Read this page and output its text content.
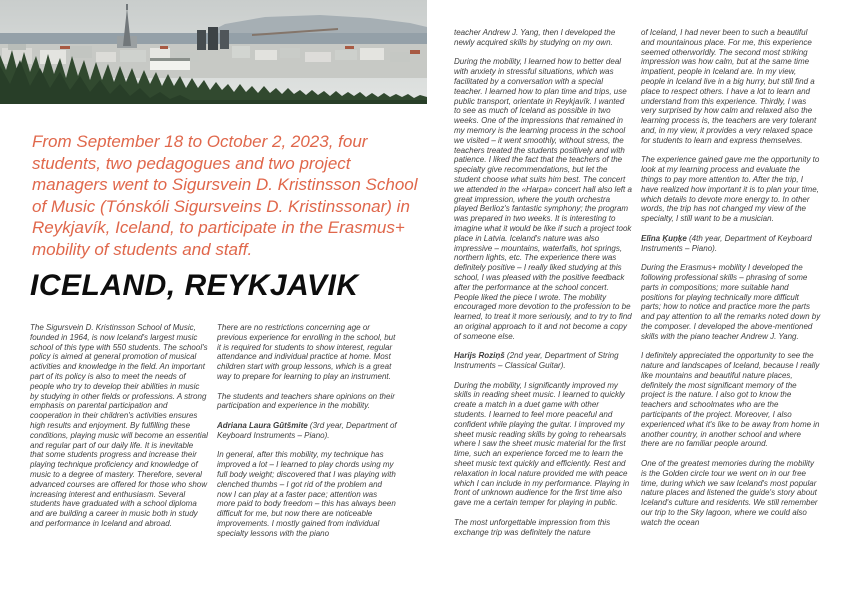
From September 18 to October 2, 2023, four students, two pedagogues and two project managers went to Sigursvein D. Kristinsson School of Music (Tónskóli Sigursveins D. Kristinssonar) in Reykjavík, Iceland, to participate in the Erasmus+ mobility of students and staff.
ICELAND, REYKJAVIK

The Sigursvein D. Kristinsson School of Music, founded in 1964, is now Iceland's largest music school of this type with 550 students. The school's policy is aimed at general promotion of musical activities and knowledge in the field. An important part of its policy is also to meet the needs of people who try to develop their abilities in music by studying in other fields or professions. A strong emphasis on parental participation and cooperation in their children's activities ensures high results and enjoyment. By fulfilling these conditions, playing music will become an essential and regular part of our daily life. It is inevitable that some students progress and increase their playing technique proficiency and knowledge of music to a degree of mastery. Therefore, several advanced courses are offered for those who show increasing interest and enthusiasm. Several students have graduated with a school diploma and are building a career in music both in study and performance in Iceland and abroad.

There are no restrictions concerning age or previous experience for enrolling in the school, but it is required for students to show interest, regular attendance and individual practice at home. Most children start with group lessons, which is a great way to prepare for learning to play an instrument.

The students and teachers share opinions on their participation and experience in the mobility.

Adriana Laura Gūtšmite (3rd year, Department of Keyboard Instruments – Piano).

In general, after this mobility, my technique has improved a lot – I learned to play chords using my full body weight; discovered that I was playing with clenched thumbs – I got rid of the problem and now I can play at a faster pace; attention was more paid to body freedom – this has always been difficult for me, but now there are noticeable improvements. I mostly gained from individual specialty lessons with the piano

teacher Andrew J. Yang, then I developed the newly acquired skills by studying on my own.

During the mobility, I learned how to better deal with anxiety in stressful situations, which was facilitated by a conversation with a special teacher. I learned how to plan time and trips, use public transport, orientate in Reykjavík. I wanted to see as much of Iceland as possible in two weeks. One of the impressions that remained in my memory is the learning process in the school we visited – it went smoothly, without stress, the teachers treated the students positively and with patience. I liked the fact that the teachers of the specialty give recommendations, but let the student choose what suits him best. The concert we attended in the «Harpa» concert hall also left a great impression, where the youth orchestra played Berlioz's fantastic symphony; the program was prepared in two weeks. It is interesting to imagine what it would be like if such a project took place in Latvia. Iceland's nature was also impressive – mountains, waterfalls, hot springs, northern lights, etc. The experience there was definitely positive – I really liked studying at this school, I was pleased with the positive feedback after the performance at the school concert. People liked the piece I wrote. The mobility encouraged more devotion to the profession to be learned, to treat it more seriously, and to try to find an original approach to it and not become a copy of someone else.

Harijs Roziņš (2nd year, Department of String Instruments – Classical Guitar).

During the mobility, I significantly improved my skills in reading sheet music. I learned to quickly create a match in a duet game with other students. I learned to feel more peaceful and confident while playing the guitar. I improved my sheet music reading skills by going to rehearsals where I saw the sheet music material for the first time, such an experience forced me to learn the sheet music text quickly and efficiently. Rest and relaxation in local nature provided me with peace which I can include in my performance. Playing in front of unknown audience for the first time also gave me a certain temper for playing in public.

The most unforgettable impression from this exchange trip was definitely the nature

of Iceland, I had never been to such a beautiful and mountainous place. For me, this experience seemed otherworldly. The second most striking impression was how calm, but at the same time impatient, people in Iceland are. In my view, people in Iceland live in a big hurry, but still find a place to respect others. I have a lot to learn and understand from this experience. Thirdly, I was very surprised by how calm and relaxed also the learning process is, the teachers are very tolerant and, in my view, it provides a very relaxed space for students to learn and express themselves.

The experience gained gave me the opportunity to look at my learning process and evaluate the things to pay more attention to. After the trip, I have realized how important it is to plan your time, which details to devote more energy to. In other words, the trip has not changed my view of the specialty, I still want to be a musician.

Elīna Ķuņķe (4th year, Department of Keyboard Instruments – Piano).

During the Erasmus+ mobility I developed the following professional skills – phrasing of some parts in compositions; more suitable hand positions for playing technically more difficult parts; how to notice and practice more the parts and pay attention to all the remarks noted down by the composer. I developed the above-mentioned skills with the piano teacher Andrew J. Yang.

I definitely appreciated the opportunity to see the nature and landscapes of Iceland, because I really like mountains and beautiful nature places, definitely the most significant memory of the project is the nature. I also got to know the teachers and schoolmates who are the participants of the project. Moreover, I also experienced what it's like to be away from home in another country, in another school and where there are no familiar people around.

One of the greatest memories during the mobility is the Golden circle tour we went on in our free time, during which we saw Iceland's most popular nature places and listened the guide's story about Iceland's culture and residents. We still remember our trip to the Sky lagoon, where we could also watch the ocean
